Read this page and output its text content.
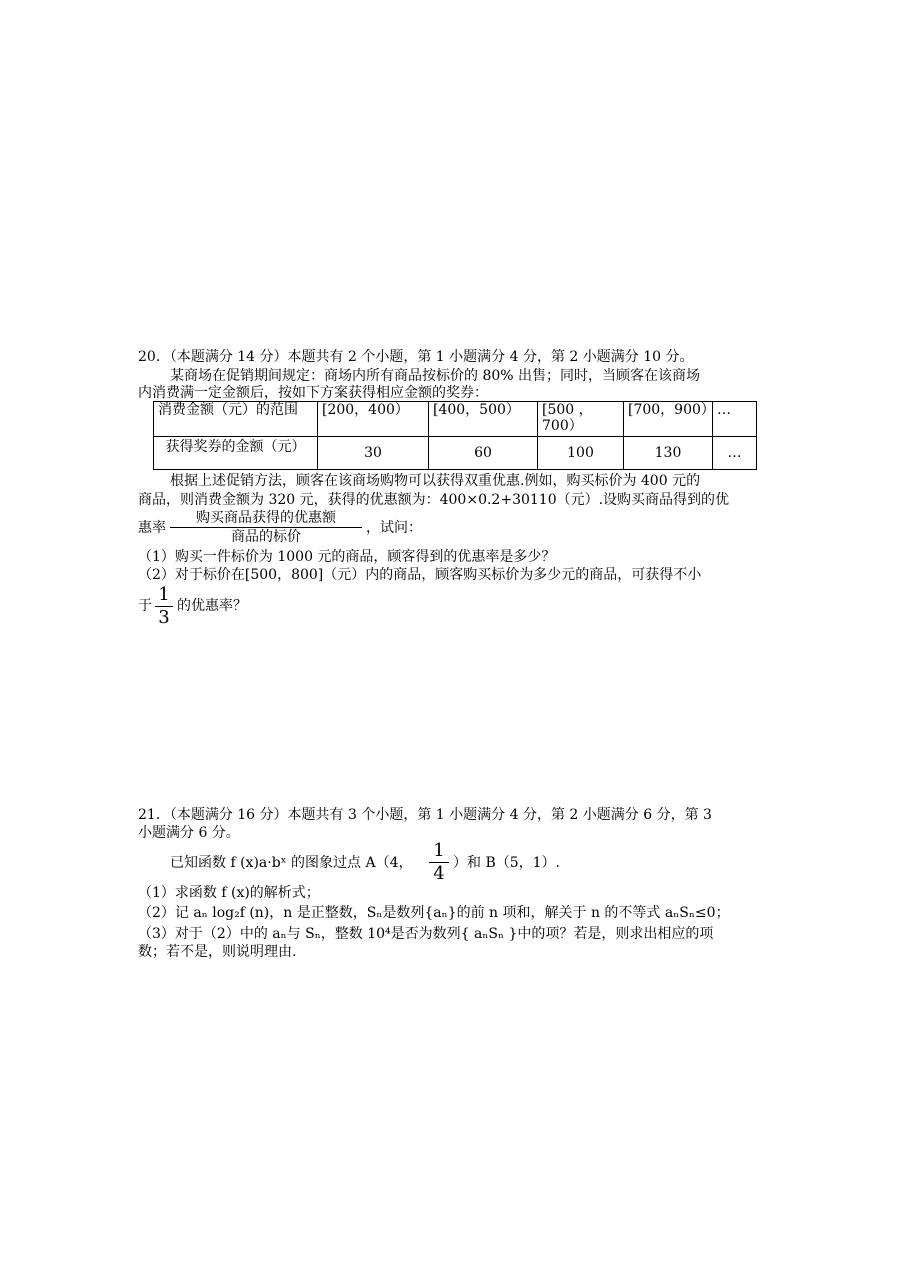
20．（本题满分 14 分）本题共有 2 个小题，第 1 小题满分 4 分，第 2 小题满分 10 分。
某商场在促销期间规定：商场内所有商品按标价的 80% 出售；同时，当顾客在该商场
内消费满一定金额后，按如下方案获得相应金额的奖券：
消费金额（元）的范围	[200，400）	[400，500）	[500 ，700）	[700，900）	…
获得奖券的金额（元）	30	60	100	130	…
根据上述促销方法，顾客在该商场购物可以获得双重优惠.例如，购买标价为 400 元的
商品，则消费金额为 320 元，获得的优惠额为：400×0.2+30110（元）.设购买商品得到的优
惠率
购买商品获得的优惠额
商品的标价
，试问：
（1）购买一件标价为 1000 元的商品，顾客得到的优惠率是多少？
（2）对于标价在[500，800]（元）内的商品，顾客购买标价为多少元的商品，可获得不小
于 $\frac{1}{3}$ 的优惠率？
21．（本题满分 16 分）本题共有 3 个小题，第 1 小题满分 4 分，第 2 小题满分 6 分，第 3
小题满分 6 分。
已知函数 f (x)a·bˣ 的图象过点 A（4， $\frac{1}{4}$ ）和 B（5，1）.
（1）求函数 f (x)的解析式；
（2）记 aₙ log₂f (n)，n 是正整数，Sₙ是数列{aₙ}的前 n 项和，解关于 n 的不等式 aₙSₙ≤0；
（3）对于（2）中的 aₙ与 Sₙ，整数 10⁴是否为数列{ aₙSₙ }中的项？若是，则求出相应的项
数；若不是，则说明理由.
